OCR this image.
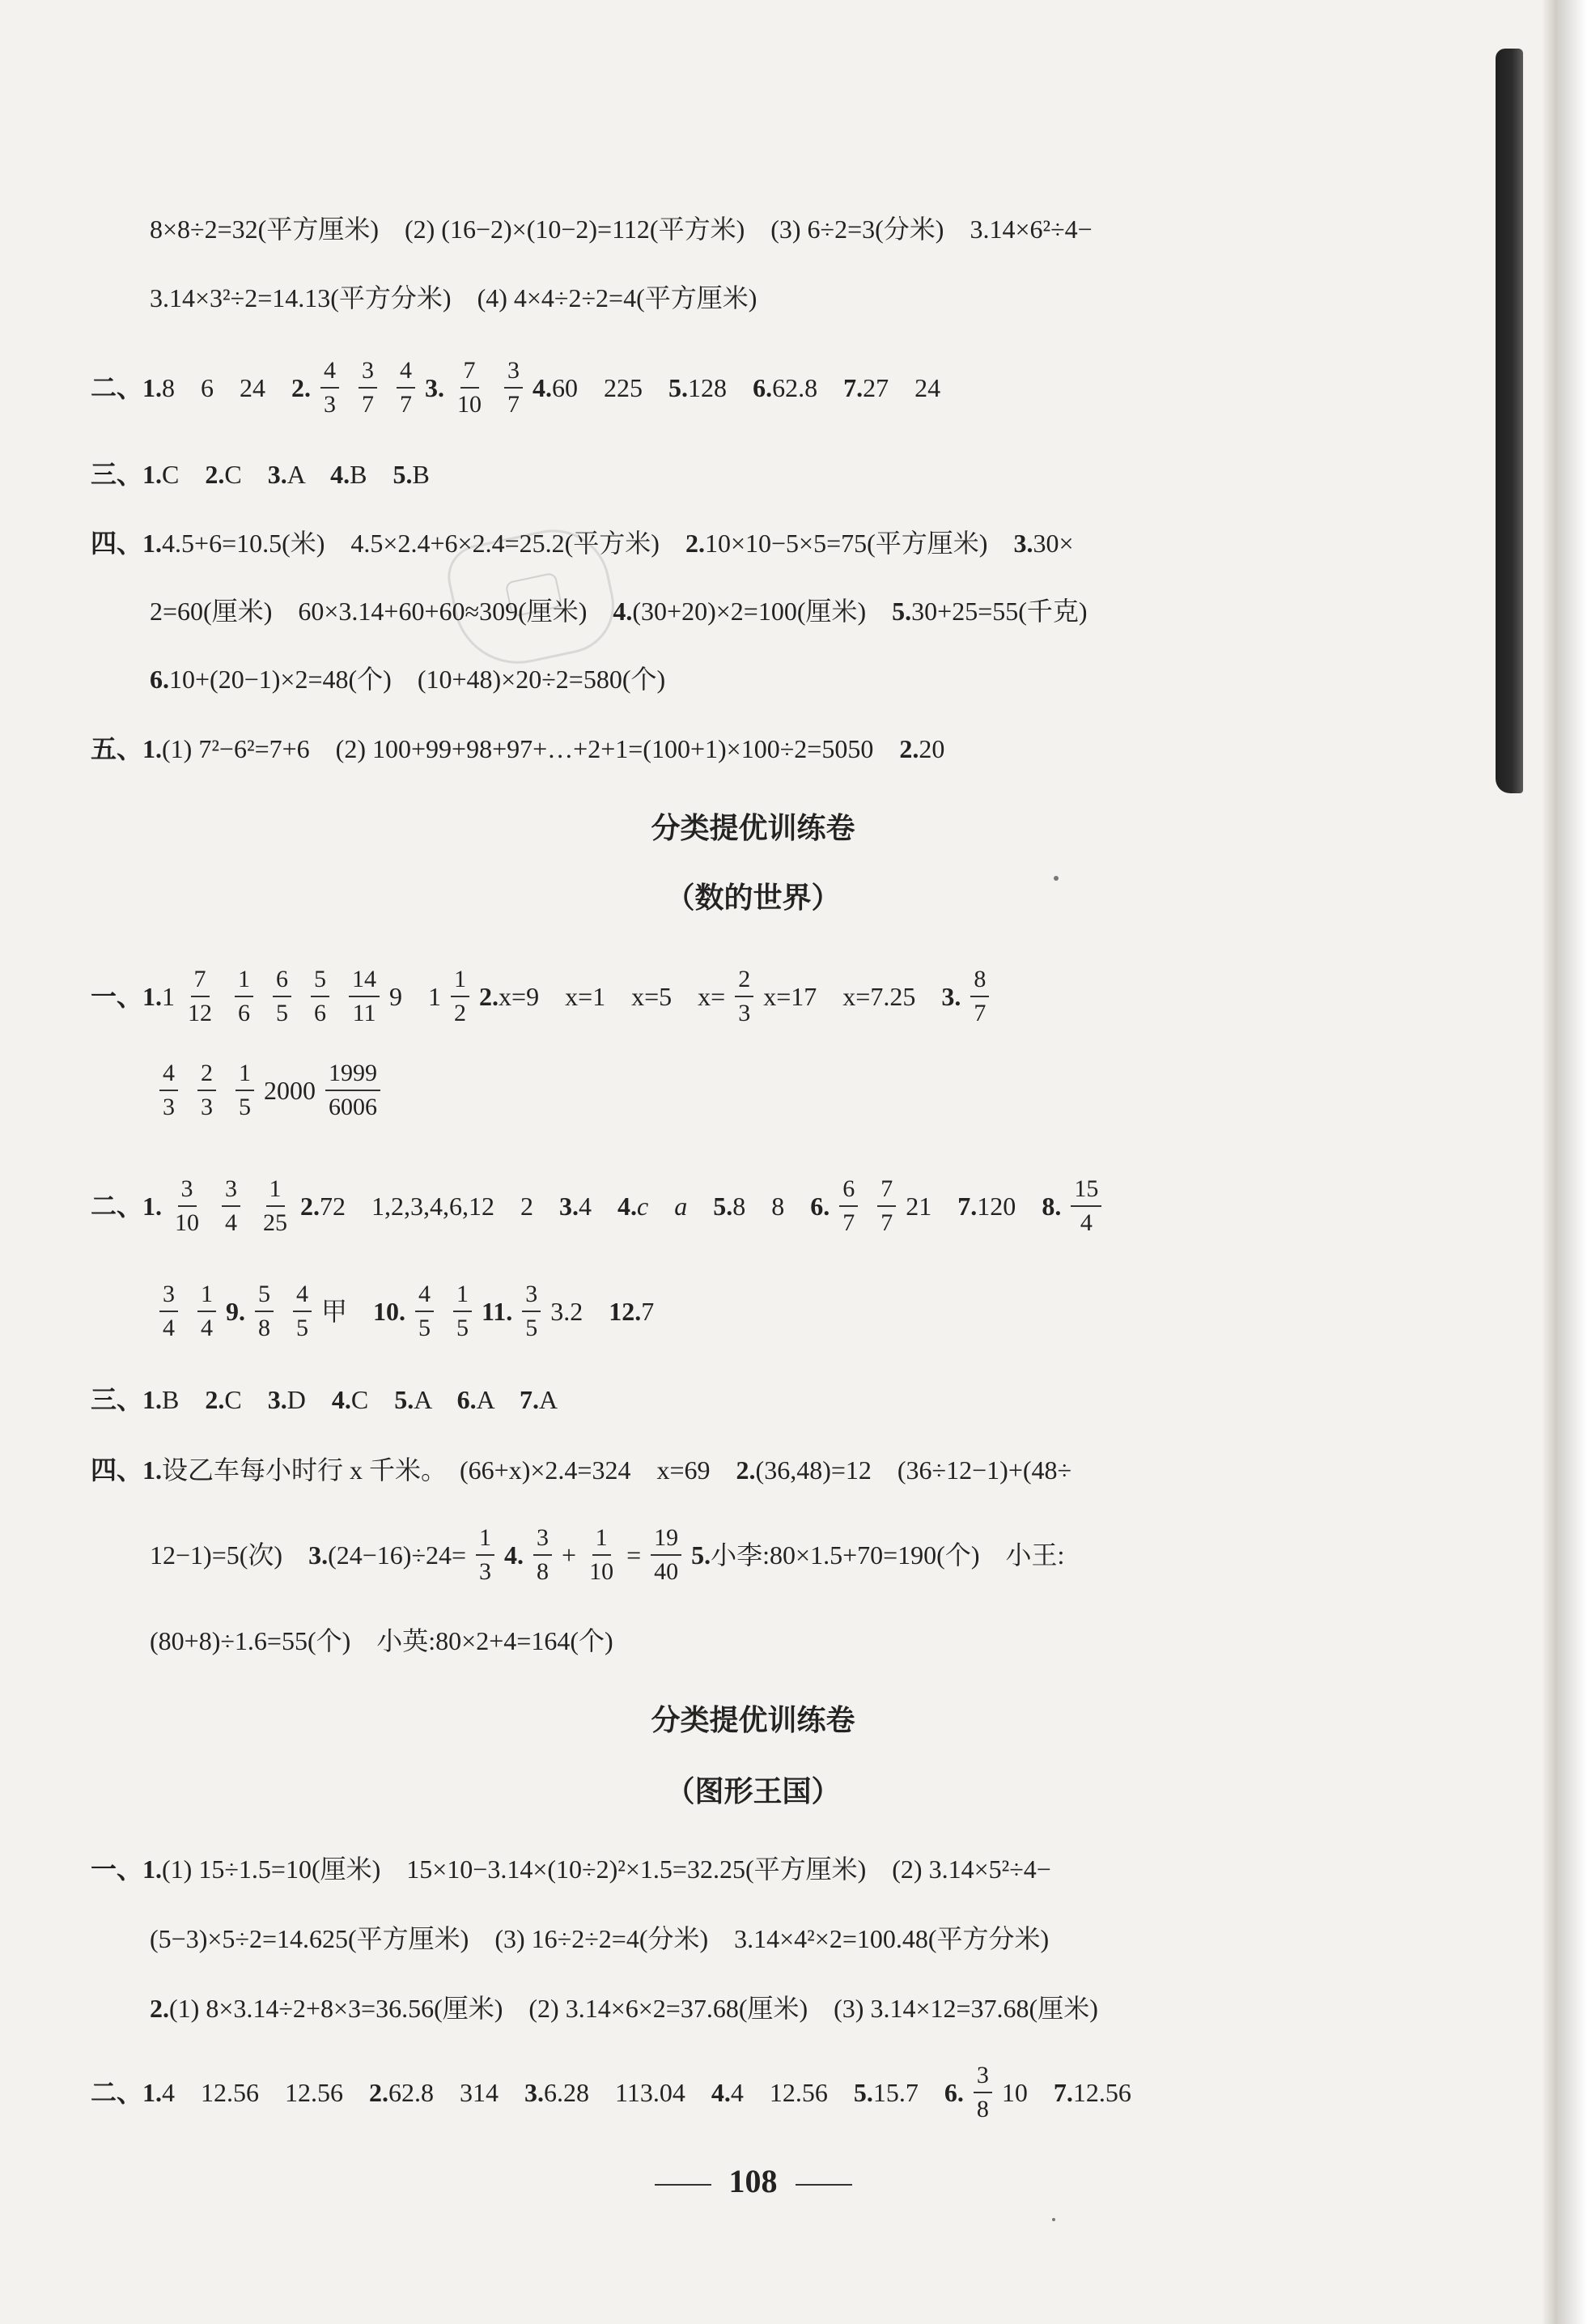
8×8÷2=32(平方厘米)　(2) (16−2)×(10−2)=112(平方米)　(3) 6÷2=3(分米)　3.14×6²÷4−
3.14×3²÷2=14.13(平方分米)　(4) 4×4÷2÷2=4(平方厘米)
二、 1. 8　6　24　 2. $\frac{4}{3} \frac{3}{7} \frac{4}{7} 3$. $\frac{7}{10} \frac{3}{7} 4$. 60　225　 5. 128　 6. 62.8　 7. 27　24
三、 1. C　 2. C　 3. A　 4. B　 5. B
四、 1. 4.5+6=10.5(米)　4.5×2.4+6×2.4=25.2(平方米)　 2. 10×10−5×5=75(平方厘米)　 3. 30×
2=60(厘米)　60×3.14+60+60≈309(厘米)　 4. (30+20)×2=100(厘米)　 5. 30+25=55(千克)
6. 10+(20−1)×2=48(个)　(10+48)×20÷2=580(个)
五、 1. (1) 7²−6²=7+6　(2) 100+99+98+97+…+2+1=(100+1)×100÷2=5050　 2. 20
分类提优训练卷
（数的世界）
一、 1. $1 \frac{7}{12} \frac{1}{6} \frac{6}{5} \frac{5}{6} \frac{14}{11} 9$　$1 \frac{1}{2} 2$. x=9　x=1　x=5　$x= \frac{2}{3} x=17$　x=7.25　 3. $\frac{8}{7}$
$\frac{4}{3} \frac{2}{3} \frac{1}{5} 2000 \frac{1999}{6006}$
二、 1. $\frac{3}{10} \frac{3}{4} \frac{1}{25} 2$. 72　1,2,3,4,6,12　2　 3. 4　 4. c　a　 5. 8　8　 6. $\frac{6}{7} \frac{7}{7} 21$　 7. 120　 8. $\frac{15}{4}$
$\frac{3}{4} \frac{1}{4} 9$. $\frac{5}{8} \frac{4}{5}$ 甲　 10. $\frac{4}{5} \frac{1}{5} 11$. $\frac{3}{5} 3.2$　 12. 7
三、 1. B　 2. C　 3. D　 4. C　 5. A　 6. A　 7. A
四、 1. 设乙车每小时行 x 千米。　(66+x)×2.4=324　x=69　 2. (36,48)=12　(36÷12−1)+(48÷
12−1)=5(次)　 3. $(24-16)\div 24= \frac{1}{3} 4$. $\frac{3}{8} + \frac{1}{10} = \frac{19}{40} 5$. 小李:80×1.5+70=190(个)　小王:
(80+8)÷1.6=55(个)　小英:80×2+4=164(个)
分类提优训练卷
（图形王国）
一、 1. (1) 15÷1.5=10(厘米)　15×10−3.14×(10÷2)²×1.5=32.25(平方厘米)　(2) 3.14×5²÷4−
(5−3)×5÷2=14.625(平方厘米)　(3) 16÷2÷2=4(分米)　3.14×4²×2=100.48(平方分米)
2. (1) 8×3.14÷2+8×3=36.56(厘米)　(2) 3.14×6×2=37.68(厘米)　(3) 3.14×12=37.68(厘米)
二、 1. 4　12.56　12.56　 2. 62.8　314　 3. 6.28　113.04　 4. 4　12.56　 5. 15.7　 6. $\frac{3}{8} 10$　 7. 12.56
108
